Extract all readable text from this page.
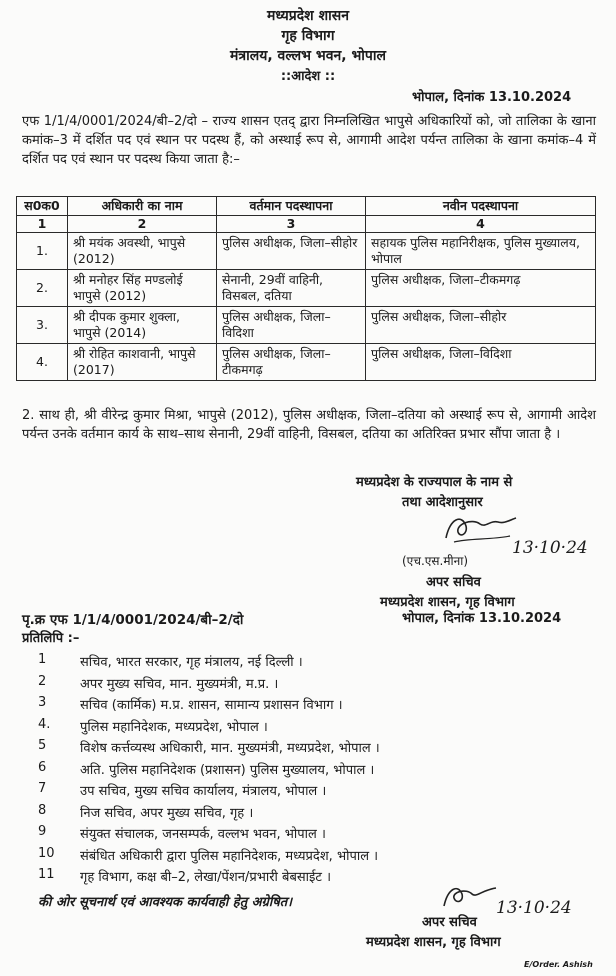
मध्यप्रदेश शासन
गृह विभाग
मंत्रालय, वल्लभ भवन, भोपाल
::आदेश ::
भोपाल, दिनांक 13.10.2024
एफ 1/1/4/0001/2024/बी–2/दो – राज्य शासन एतद् द्वारा निम्नलिखित भापुसे अधिकारियों को, जो तालिका के खाना कमांक–3 में दर्शित पद एवं स्थान पर पदस्थ हैं, को अस्थाई रूप से, आगामी आदेश पर्यन्त तालिका के खाना कमांक–4 में दर्शित पद एवं स्थान पर पदस्थ किया जाता है:–
स0क0	अधिकारी का नाम	वर्तमान पदस्थापना	नवीन पदस्थापना
1	2	3	4
1.	श्री मयंक अवस्थी, भापुसे (2012)	पुलिस अधीक्षक, जिला–सीहोर	सहायक पुलिस महानिरीक्षक, पुलिस मुख्यालय, भोपाल
2.	श्री मनोहर सिंह मण्डलोई भापुसे (2012)	सेनानी, 29वीं वाहिनी, विसबल, दतिया	पुलिस अधीक्षक, जिला–टीकमगढ़
3.	श्री दीपक कुमार शुक्ला, भापुसे (2014)	पुलिस अधीक्षक, जिला–विदिशा	पुलिस अधीक्षक, जिला–सीहोर
4.	श्री रोहित काशवानी, भापुसे (2017)	पुलिस अधीक्षक, जिला–टीकमगढ़	पुलिस अधीक्षक, जिला–विदिशा
2. साथ ही, श्री वीरेन्द्र कुमार मिश्रा, भापुसे (2012), पुलिस अधीक्षक, जिला–दतिया को अस्थाई रूप से, आगामी आदेश पर्यन्त उनके वर्तमान कार्य के साथ–साथ सेनानी, 29वीं वाहिनी, विसबल, दतिया का अतिरिक्त प्रभार सौंपा जाता है ।
मध्यप्रदेश के राज्यपाल के नाम से
तथा आदेशानुसार
(एच.एस.मीना)
13·10·24
अपर सचिव
मध्यप्रदेश शासन, गृह विभाग
भोपाल, दिनांक 13.10.2024
पृ.क्र एफ 1/1/4/0001/2024/बी–2/दो
प्रतिलिपि :–
1	सचिव, भारत सरकार, गृह मंत्रालय, नई दिल्ली ।
2	अपर मुख्य सचिव, मान. मुख्यमंत्री, म.प्र. ।
3	सचिव (कार्मिक) म.प्र. शासन, सामान्य प्रशासन विभाग ।
4.	पुलिस महानिदेशक, मध्यप्रदेश, भोपाल ।
5	विशेष कर्त्तव्यस्थ अधिकारी, मान. मुख्यमंत्री, मध्यप्रदेश, भोपाल ।
6	अति. पुलिस महानिदेशक (प्रशासन) पुलिस मुख्यालय, भोपाल ।
7	उप सचिव, मुख्य सचिव कार्यालय, मंत्रालय, भोपाल ।
8	निज सचिव, अपर मुख्य सचिव, गृह ।
9	संयुक्त संचालक, जनसम्पर्क, वल्लभ भवन, भोपाल ।
10	संबंधित अधिकारी द्वारा पुलिस महानिदेशक, मध्यप्रदेश, भोपाल ।
11	गृह विभाग, कक्ष बी–2, लेखा/पेंशन/प्रभारी बेबसाईट ।
की ओर सूचनार्थ एवं आवश्यक कार्यवाही हेतु अग्रेषित।
अपर सचिव
13·10·24
मध्यप्रदेश शासन, गृह विभाग
E/Order. Ashish
